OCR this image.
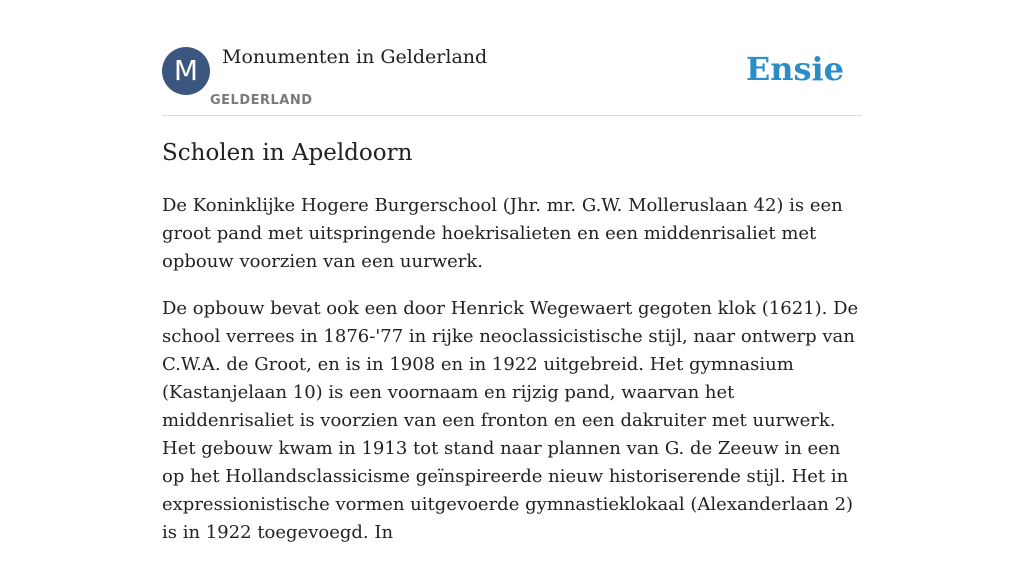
M	Monumenten in Gelderland
GELDERLAND
Ensie
Scholen in Apeldoorn

De Koninklijke Hogere Burgerschool (Jhr. mr. G.W. Molleruslaan 42) is een groot pand met uitspringende hoekrisalieten en een middenrisaliet met opbouw voorzien van een uurwerk.

De opbouw bevat ook een door Henrick Wegewaert gegoten klok (1621). De school verrees in 1876-'77 in rijke neoclassicistische stijl, naar ontwerp van C.W.A. de Groot, en is in 1908 en in 1922 uitgebreid. Het gymnasium (Kastanjelaan 10) is een voornaam en rijzig pand, waarvan het middenrisaliet is voorzien van een fronton en een dakruiter met uurwerk. Het gebouw kwam in 1913 tot stand naar plannen van G. de Zeeuw in een op het Hollandsclassicisme geïnspireerde nieuw historiserende stijl. Het in expressionistische vormen uitgevoerde gymnastieklokaal (Alexanderlaan 2) is in 1922 toegevoegd. In
